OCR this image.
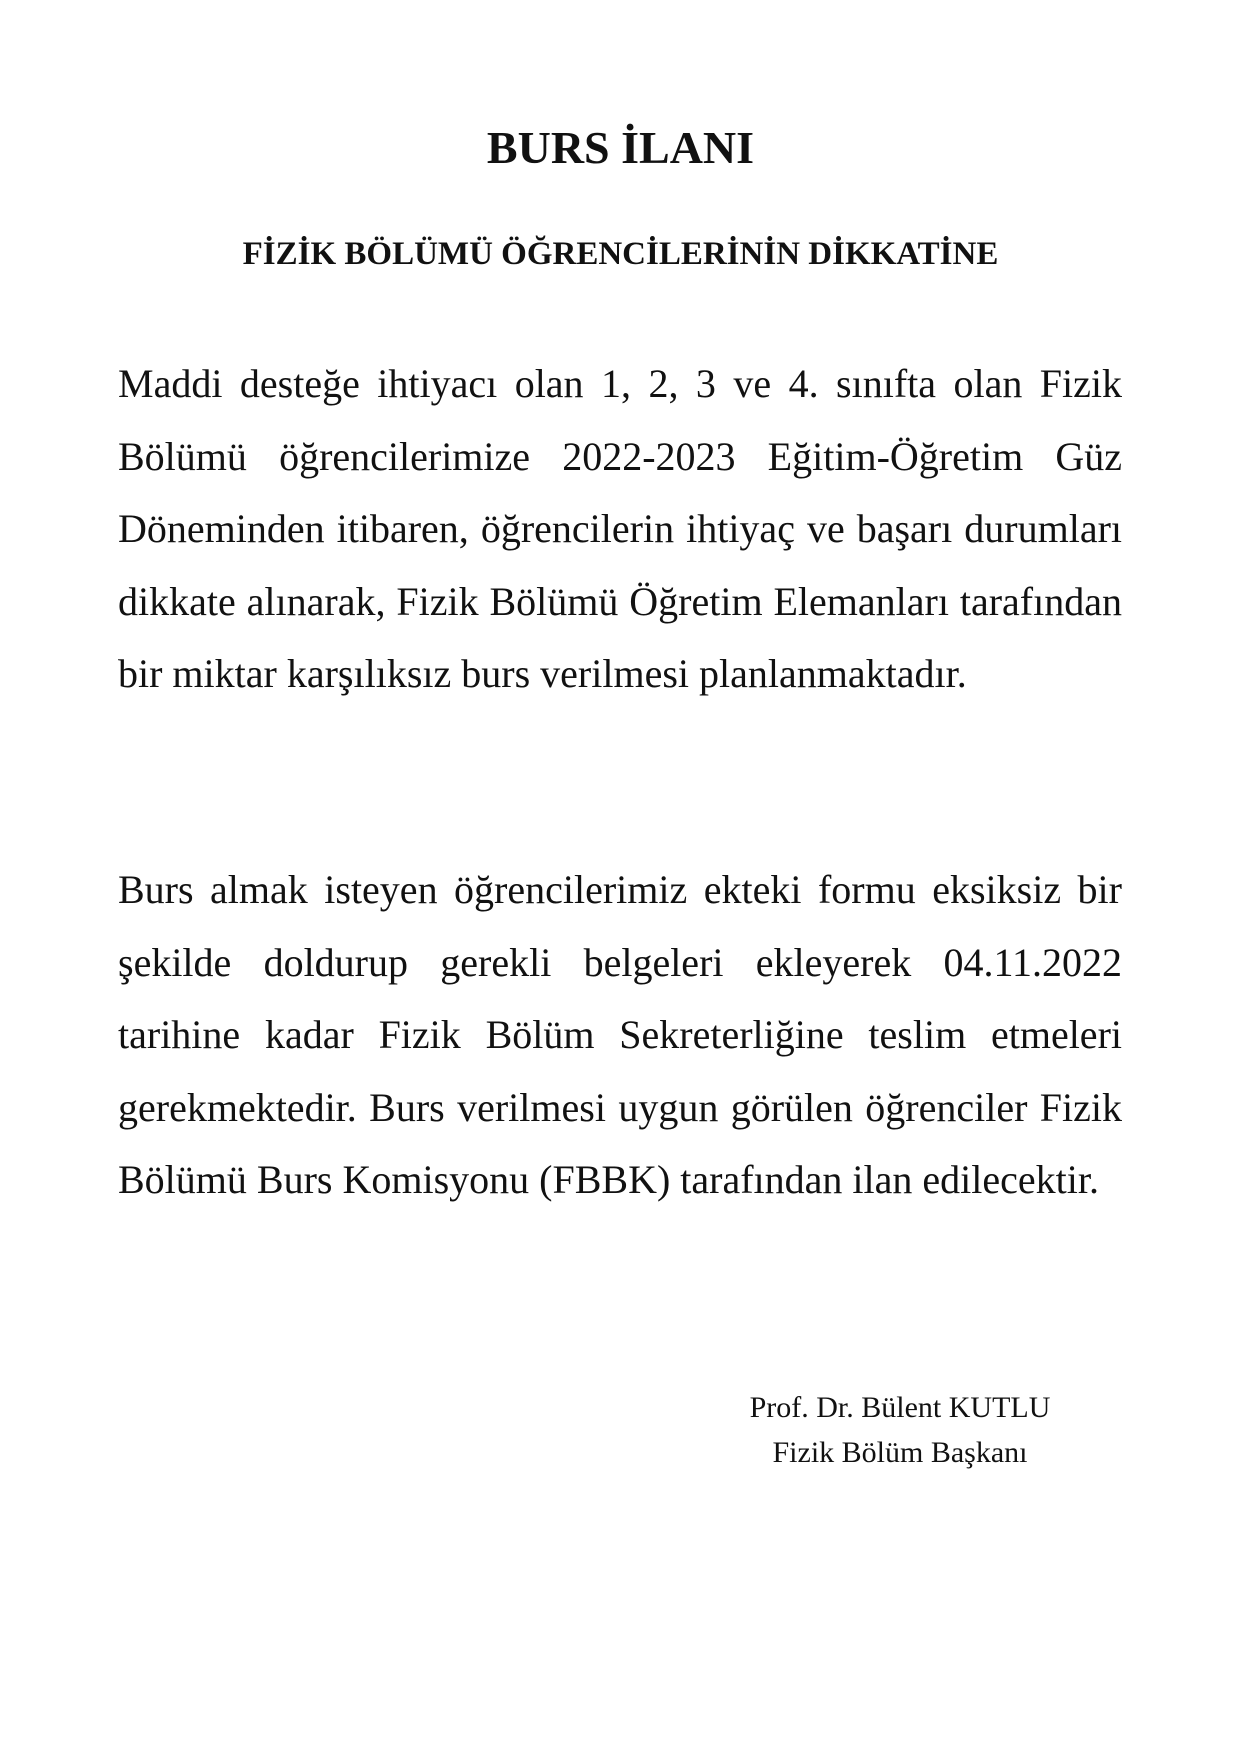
BURS İLANI
FİZİK BÖLÜMÜ ÖĞRENCİLERİNİN DİKKATİNE

Maddi desteğe ihtiyacı olan 1, 2, 3 ve 4. sınıfta olan Fizik Bölümü öğrencilerimize 2022-2023 Eğitim-Öğretim Güz Döneminden itibaren, öğrencilerin ihtiyaç ve başarı durumları dikkate alınarak, Fizik Bölümü Öğretim Elemanları tarafından bir miktar karşılıksız burs verilmesi planlanmaktadır.

Burs almak isteyen öğrencilerimiz ekteki formu eksiksiz bir şekilde doldurup gerekli belgeleri ekleyerek 04.11.2022 tarihine kadar Fizik Bölüm Sekreterliğine teslim etmeleri gerekmektedir. Burs verilmesi uygun görülen öğrenciler Fizik Bölümü Burs Komisyonu (FBBK) tarafından ilan edilecektir.

Prof. Dr. Bülent KUTLU
Fizik Bölüm Başkanı
